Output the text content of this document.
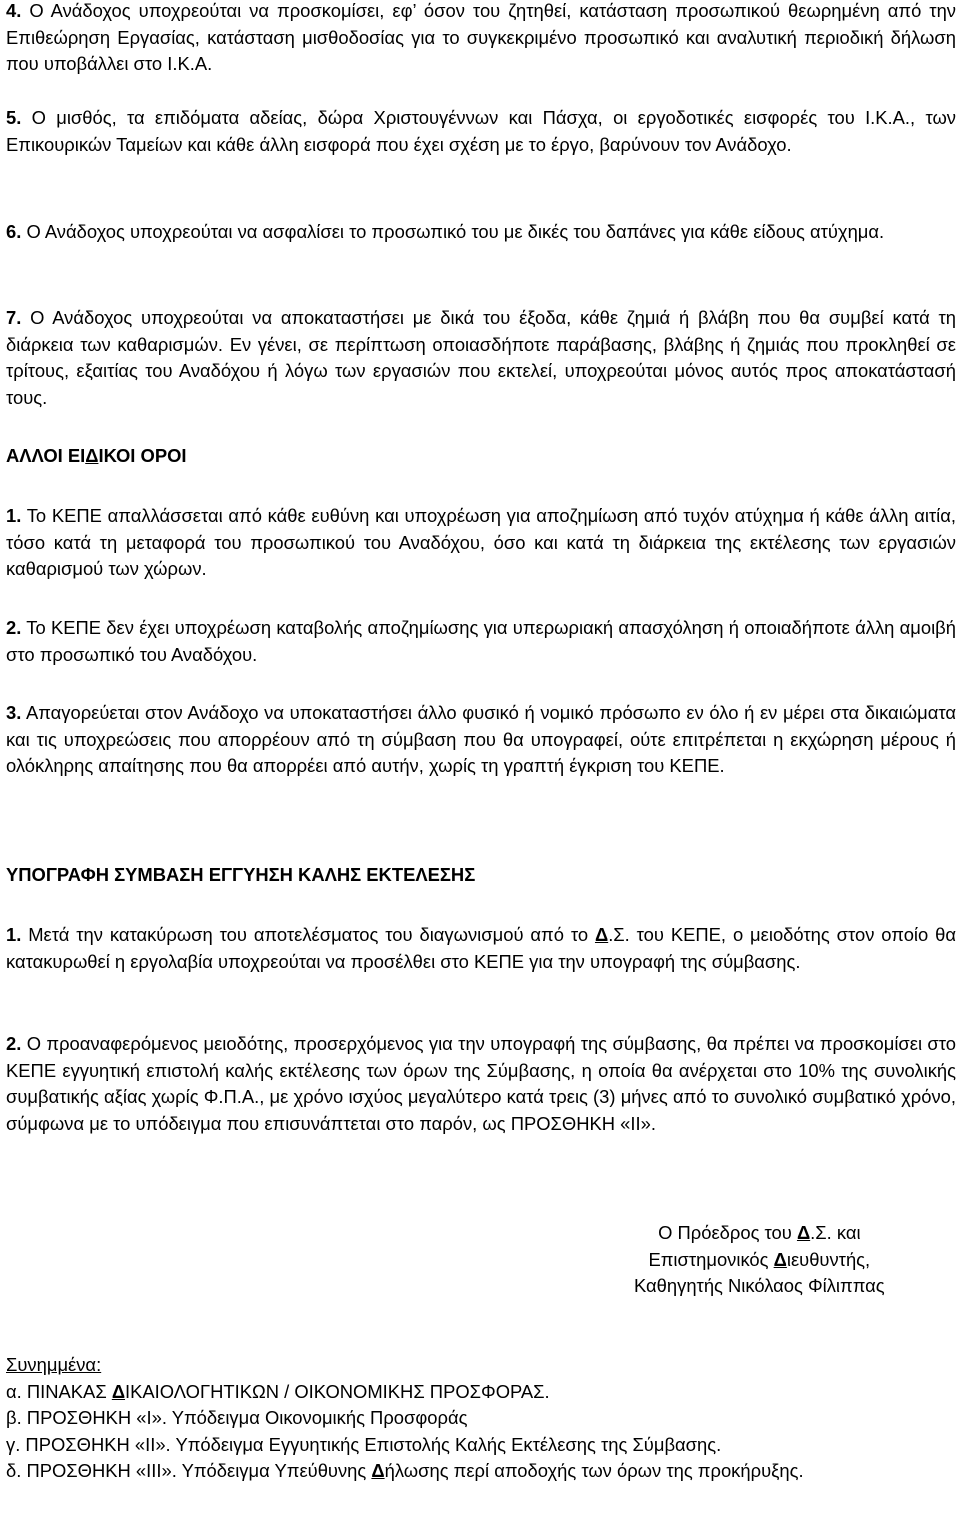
4. Ο Ανάδοχος υποχρεούται να προσκομίσει, εφ’ όσον του ζητηθεί, κατάσταση προσωπικού θεωρημένη από την Επιθεώρηση Εργασίας, κατάσταση μισθοδοσίας για το συγκεκριμένο προσωπικό και αναλυτική περιοδική δήλωση που υποβάλλει στο Ι.Κ.Α.

5. Ο μισθός, τα επιδόματα αδείας, δώρα Χριστουγέννων και Πάσχα, οι εργοδοτικές εισφορές του Ι.Κ.Α., των Επικουρικών Ταμείων και κάθε άλλη εισφορά που έχει σχέση με το έργο, βαρύνουν τον Ανάδοχο.

6. Ο Ανάδοχος υποχρεούται να ασφαλίσει το προσωπικό του με δικές του δαπάνες για κάθε είδους ατύχημα.

7. Ο Ανάδοχος υποχρεούται να αποκαταστήσει με δικά του έξοδα, κάθε ζημιά ή βλάβη που θα συμβεί κατά τη διάρκεια των καθαρισμών. Εν γένει, σε περίπτωση οποιασδήποτε παράβασης, βλάβης ή ζημιάς που προκληθεί σε τρίτους, εξαιτίας του Αναδόχου ή λόγω των εργασιών που εκτελεί, υποχρεούται μόνος αυτός προς αποκατάστασή τους.

ΑΛΛΟΙ ΕΙΔΙΚΟΙ ΟΡΟΙ

1. Το ΚΕΠΕ απαλλάσσεται από κάθε ευθύνη και υποχρέωση για αποζημίωση από τυχόν ατύχημα ή κάθε άλλη αιτία, τόσο κατά τη μεταφορά του προσωπικού του Αναδόχου, όσο και κατά τη διάρκεια της εκτέλεσης των εργασιών καθαρισμού των χώρων.

2. Το ΚΕΠΕ δεν έχει υποχρέωση καταβολής αποζημίωσης για υπερωριακή απασχόληση ή οποιαδήποτε άλλη αμοιβή στο προσωπικό του Αναδόχου.

3. Απαγορεύεται στον Ανάδοχο να υποκαταστήσει άλλο φυσικό ή νομικό πρόσωπο εν όλο ή εν μέρει στα δικαιώματα και τις υποχρεώσεις που απορρέουν από τη σύμβαση που θα υπογραφεί, ούτε επιτρέπεται η εκχώρηση μέρους ή ολόκληρης απαίτησης που θα απορρέει από αυτήν, χωρίς τη γραπτή έγκριση του ΚΕΠΕ.

ΥΠΟΓΡΑΦΗ ΣΥΜΒΑΣΗ ΕΓΓΥΗΣΗ ΚΑΛΗΣ ΕΚΤΕΛΕΣΗΣ

1. Μετά την κατακύρωση του αποτελέσματος του διαγωνισμού από το Δ.Σ. του ΚΕΠΕ, ο μειοδότης στον οποίο θα κατακυρωθεί η εργολαβία υποχρεούται να προσέλθει στο ΚΕΠΕ για την υπογραφή της σύμβασης.

2. Ο προαναφερόμενος μειοδότης, προσερχόμενος για την υπογραφή της σύμβασης, θα πρέπει να προσκομίσει στο ΚΕΠΕ εγγυητική επιστολή καλής εκτέλεσης των όρων της Σύμβασης, η οποία θα ανέρχεται στο 10% της συνολικής συμβατικής αξίας χωρίς Φ.Π.Α., με χρόνο ισχύος μεγαλύτερο κατά τρεις (3) μήνες από το συνολικό συμβατικό χρόνο, σύμφωνα με το υπόδειγμα που επισυνάπτεται στο παρόν, ως ΠΡΟΣΘΗΚΗ «ΙΙ».

Ο Πρόεδρος του Δ.Σ. και
Επιστημονικός Διευθυντής,
Καθηγητής Νικόλαος Φίλιππας

Συνημμένα:

α. ΠΙΝΑΚΑΣ ΔΙΚΑΙΟΛΟΓΗΤΙΚΩΝ / ΟΙΚΟΝΟΜΙΚΗΣ ΠΡΟΣΦΟΡΑΣ.

β. ΠΡΟΣΘΗΚΗ «Ι». Υπόδειγμα Οικονομικής Προσφοράς

γ. ΠΡΟΣΘΗΚΗ «ΙΙ». Υπόδειγμα Εγγυητικής Επιστολής Καλής Εκτέλεσης της Σύμβασης.

δ. ΠΡΟΣΘΗΚΗ «ΙΙΙ». Υπόδειγμα Υπεύθυνης Δήλωσης περί αποδοχής των όρων της προκήρυξης.
